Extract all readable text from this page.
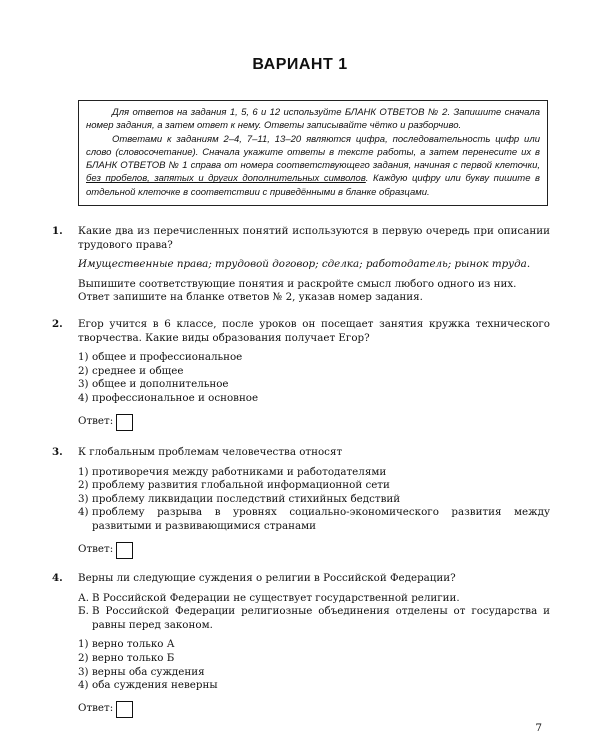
ВАРИАНТ 1

Для ответов на задания 1, 5, 6 и 12 используйте БЛАНК ОТВЕТОВ № 2. Запишите сначала номер задания, а затем ответ к нему. Ответы записывайте чётко и разборчиво.

Ответами к заданиям 2–4, 7–11, 13–20 являются цифра, последовательность цифр или слово (словосочетание). Сначала укажите ответы в тексте работы, а затем перенесите их в БЛАНК ОТВЕТОВ № 1 справа от номера соответствующего задания, начиная с первой клеточки, без пробелов, запятых и других дополнительных символов. Каждую цифру или букву пишите в отдельной клеточке в соответствии с приведёнными в бланке образцами.

1. Какие два из перечисленных понятий используются в первую очередь при описании трудового права?
Имущественные права; трудовой договор; сделка; работодатель; рынок труда.
Выпишите соответствующие понятия и раскройте смысл любого одного из них.
Ответ запишите на бланке ответов № 2, указав номер задания.
2. Егор учится в 6 классе, после уроков он посещает занятия кружка технического творчества. Какие виды образования получает Егор?
1) общее и профессиональное
2) среднее и общее
3) общее и дополнительное
4) профессиональное и основное
Ответ:
3. К глобальным проблемам человечества относят
1) противоречия между работниками и работодателями
2) проблему развития глобальной информационной сети
3) проблему ликвидации последствий стихийных бедствий
4) проблему разрыва в уровнях социально-экономического развития между развитыми и развивающимися странами
Ответ:
4. Верны ли следующие суждения о религии в Российской Федерации?
А. В Российской Федерации не существует государственной религии.
Б. В Российской Федерации религиозные объединения отделены от государства и равны перед законом.
1) верно только А
2) верно только Б
3) верны оба суждения
4) оба суждения неверны
Ответ:
7
